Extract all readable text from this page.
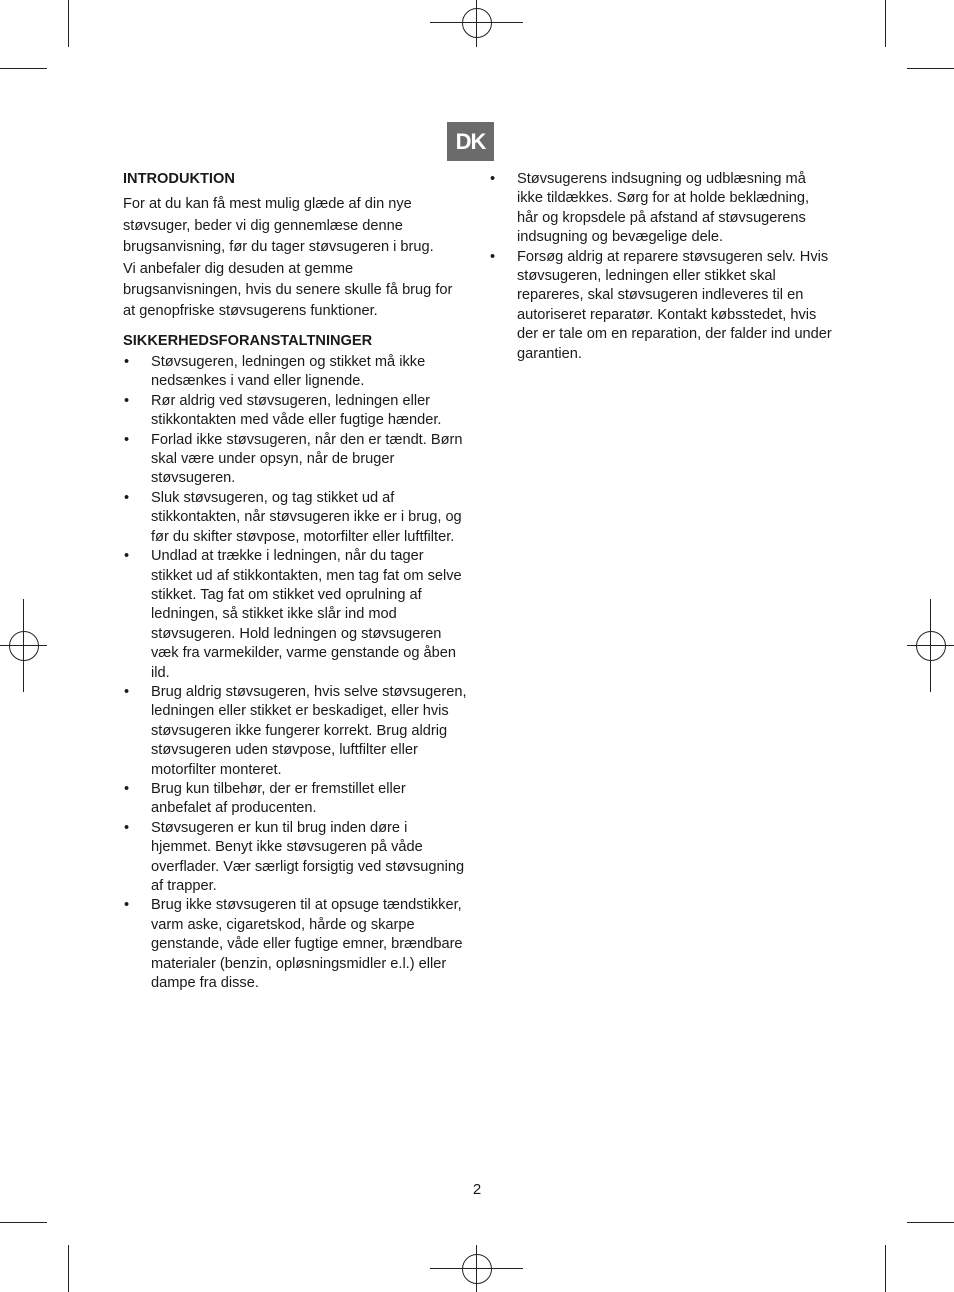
DK
INTRODUKTION

For at du kan få mest mulig glæde af din nye støvsuger, beder vi dig gennemlæse denne brugsanvisning, før du tager støvsugeren i brug.

Vi anbefaler dig desuden at gemme brugsanvisningen, hvis du senere skulle få brug for at genopfriske støvsugerens funktioner.

SIKKERHEDSFORANSTALTNINGER
• Støvsugeren, ledningen og stikket må ikke nedsænkes i vand eller lignende.
• Rør aldrig ved støvsugeren, ledningen eller stikkontakten med våde eller fugtige hænder.
• Forlad ikke støvsugeren, når den er tændt. Børn skal være under opsyn, når de bruger støvsugeren.
• Sluk støvsugeren, og tag stikket ud af stikkontakten, når støvsugeren ikke er i brug, og før du skifter støvpose, motorfilter eller luftfilter.
• Undlad at trække i ledningen, når du tager stikket ud af stikkontakten, men tag fat om selve stikket. Tag fat om stikket ved oprulning af ledningen, så stikket ikke slår ind mod støvsugeren. Hold ledningen og støvsugeren væk fra varmekilder, varme genstande og åben ild.
• Brug aldrig støvsugeren, hvis selve støvsugeren, ledningen eller stikket er beskadiget, eller hvis støvsugeren ikke fungerer korrekt. Brug aldrig støvsugeren uden støvpose, luftfilter eller motorfilter monteret.
• Brug kun tilbehør, der er fremstillet eller anbefalet af producenten.
• Støvsugeren er kun til brug inden døre i hjemmet. Benyt ikke støvsugeren på våde overflader. Vær særligt forsigtig ved støvsugning af trapper.
• Brug ikke støvsugeren til at opsuge tændstikker, varm aske, cigaretskod, hårde og skarpe genstande, våde eller fugtige emner, brændbare materialer (benzin, opløsningsmidler e.l.) eller dampe fra disse.
• Støvsugerens indsugning og udblæsning må ikke tildækkes. Sørg for at holde beklædning, hår og kropsdele på afstand af støvsugerens indsugning og bevægelige dele.
• Forsøg aldrig at reparere støvsugeren selv. Hvis støvsugeren, ledningen eller stikket skal repareres, skal støvsugeren indleveres til en autoriseret reparatør. Kontakt købsstedet, hvis der er tale om en reparation, der falder ind under garantien.
2
